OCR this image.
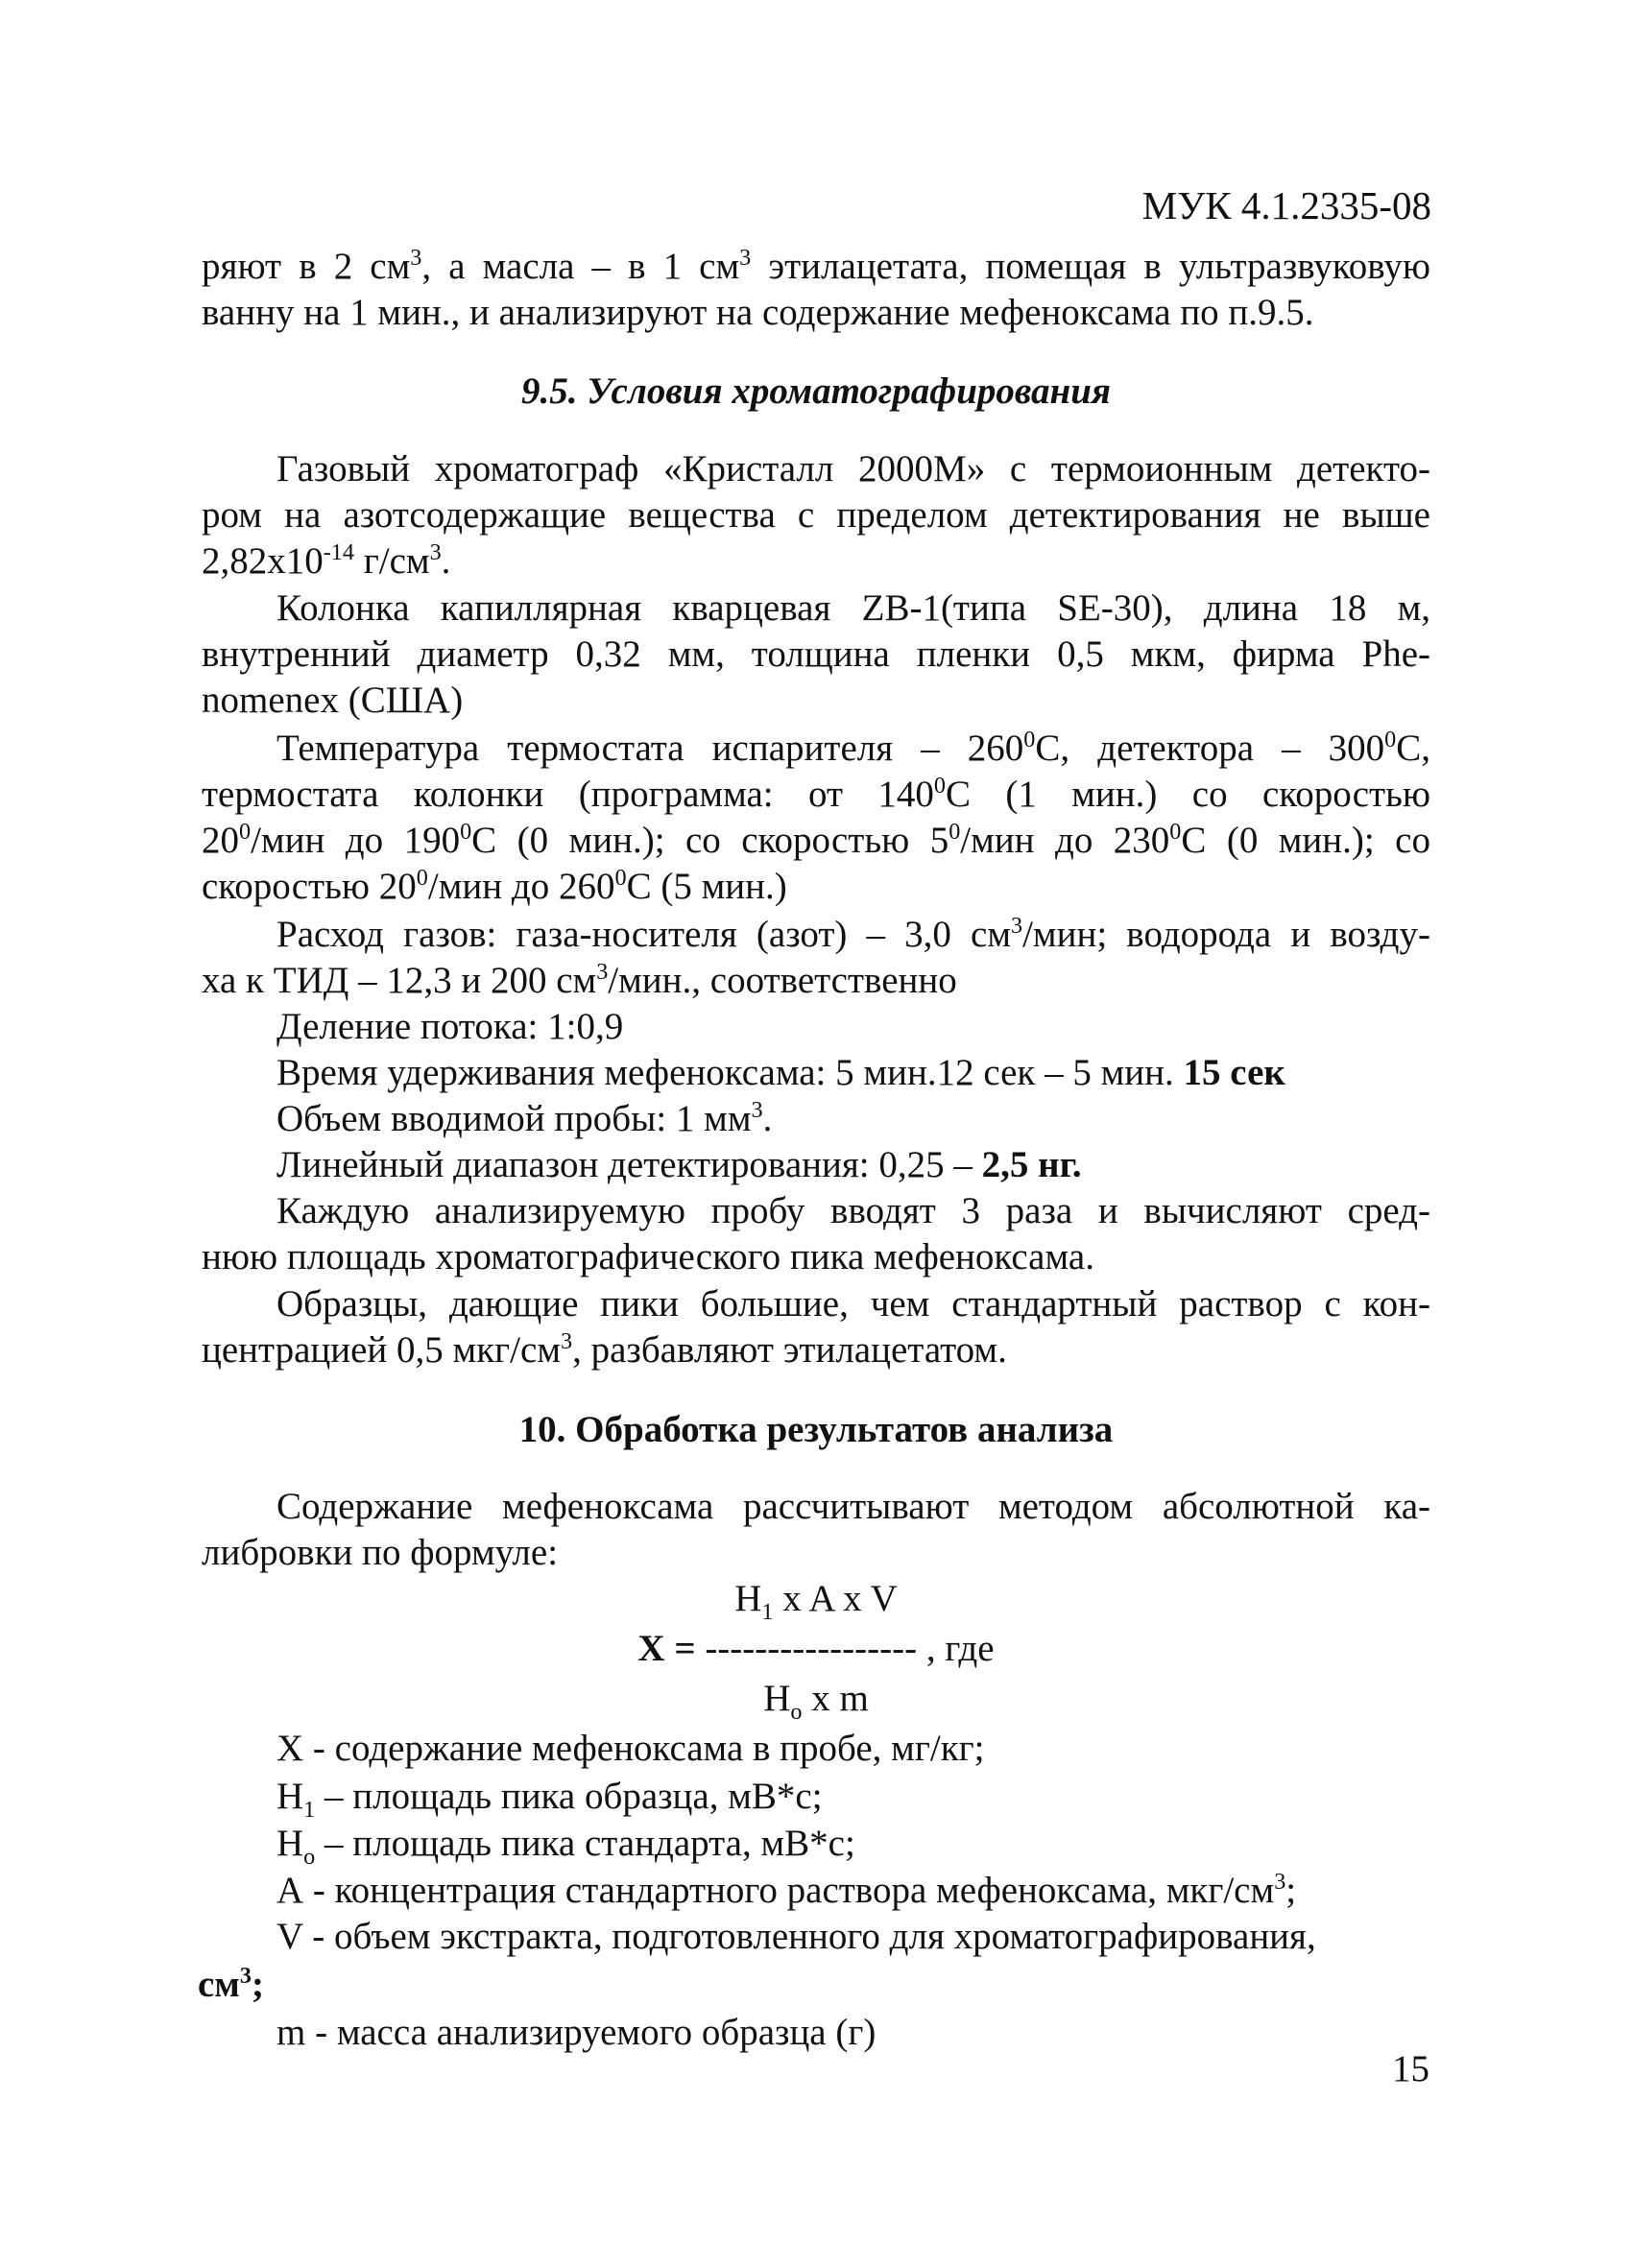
МУК 4.1.2335-08

ряют в 2 $см^3$, а масла – в 1 $см^3$ этилацетата, помещая в ультразвуковую

ванну на 1 мин., и анализируют на содержание мефеноксама по п.9.5.

9.5. Условия хроматографирования

Газовый хроматограф «Кристалл 2000М» с термоионным детекто-

ром на азотсодержащие вещества с пределом детектирования не выше

$2,82х10^{-14}$ $г/см^3$.

Колонка капиллярная кварцевая ZB-1(типа SE-30), длина 18 м,

внутренний диаметр 0,32 мм, толщина пленки 0,5 мкм, фирма Phe-

nomenex (США)

Температура термостата испарителя – $260^0С$, детектора – $300^0С$,

термостата колонки (программа: от $140^0С$ (1 мин.) со скоростью

$20^0$/мин до $190^0С$ (0 мин.); со скоростью $5^0$/мин до $230^0С$ (0 мин.); со

скоростью $20^0$/мин до $260^0С$ (5 мин.)

Расход газов: газа-носителя (азот) – 3,0 $см^3$/мин; водорода и возду-

ха к ТИД – 12,3 и 200 $см^3$/мин., соответственно

Деление потока: 1:0,9

Время удерживания мефеноксама: 5 мин.12 сек – 5 мин. 15 сек

Объем вводимой пробы: 1 $мм^3$.

Линейный диапазон детектирования: 0,25 – 2,5 нг.

Каждую анализируемую пробу вводят 3 раза и вычисляют сред-

нюю площадь хроматографического пика мефеноксама.

Образцы, дающие пики большие, чем стандартный раствор с кон-

центрацией 0,5 мкг/$см^3$, разбавляют этилацетатом.

10. Обработка результатов анализа

Содержание мефеноксама рассчитывают методом абсолютной ка-

либровки по формуле:

$H_1$ x A x V
X = ----------------- , где
$H_o$ x m

X - содержание мефеноксама в пробе, мг/кг;

$H_1$ – площадь пика образца, мВ*с;

$H_o$ – площадь пика стандарта, мВ*с;

А - концентрация стандартного раствора мефеноксама, мкг/$см^3$;

V - объем экстракта, подготовленного для хроматографирования,

$см^3$;

m - масса анализируемого образца (г)

15
